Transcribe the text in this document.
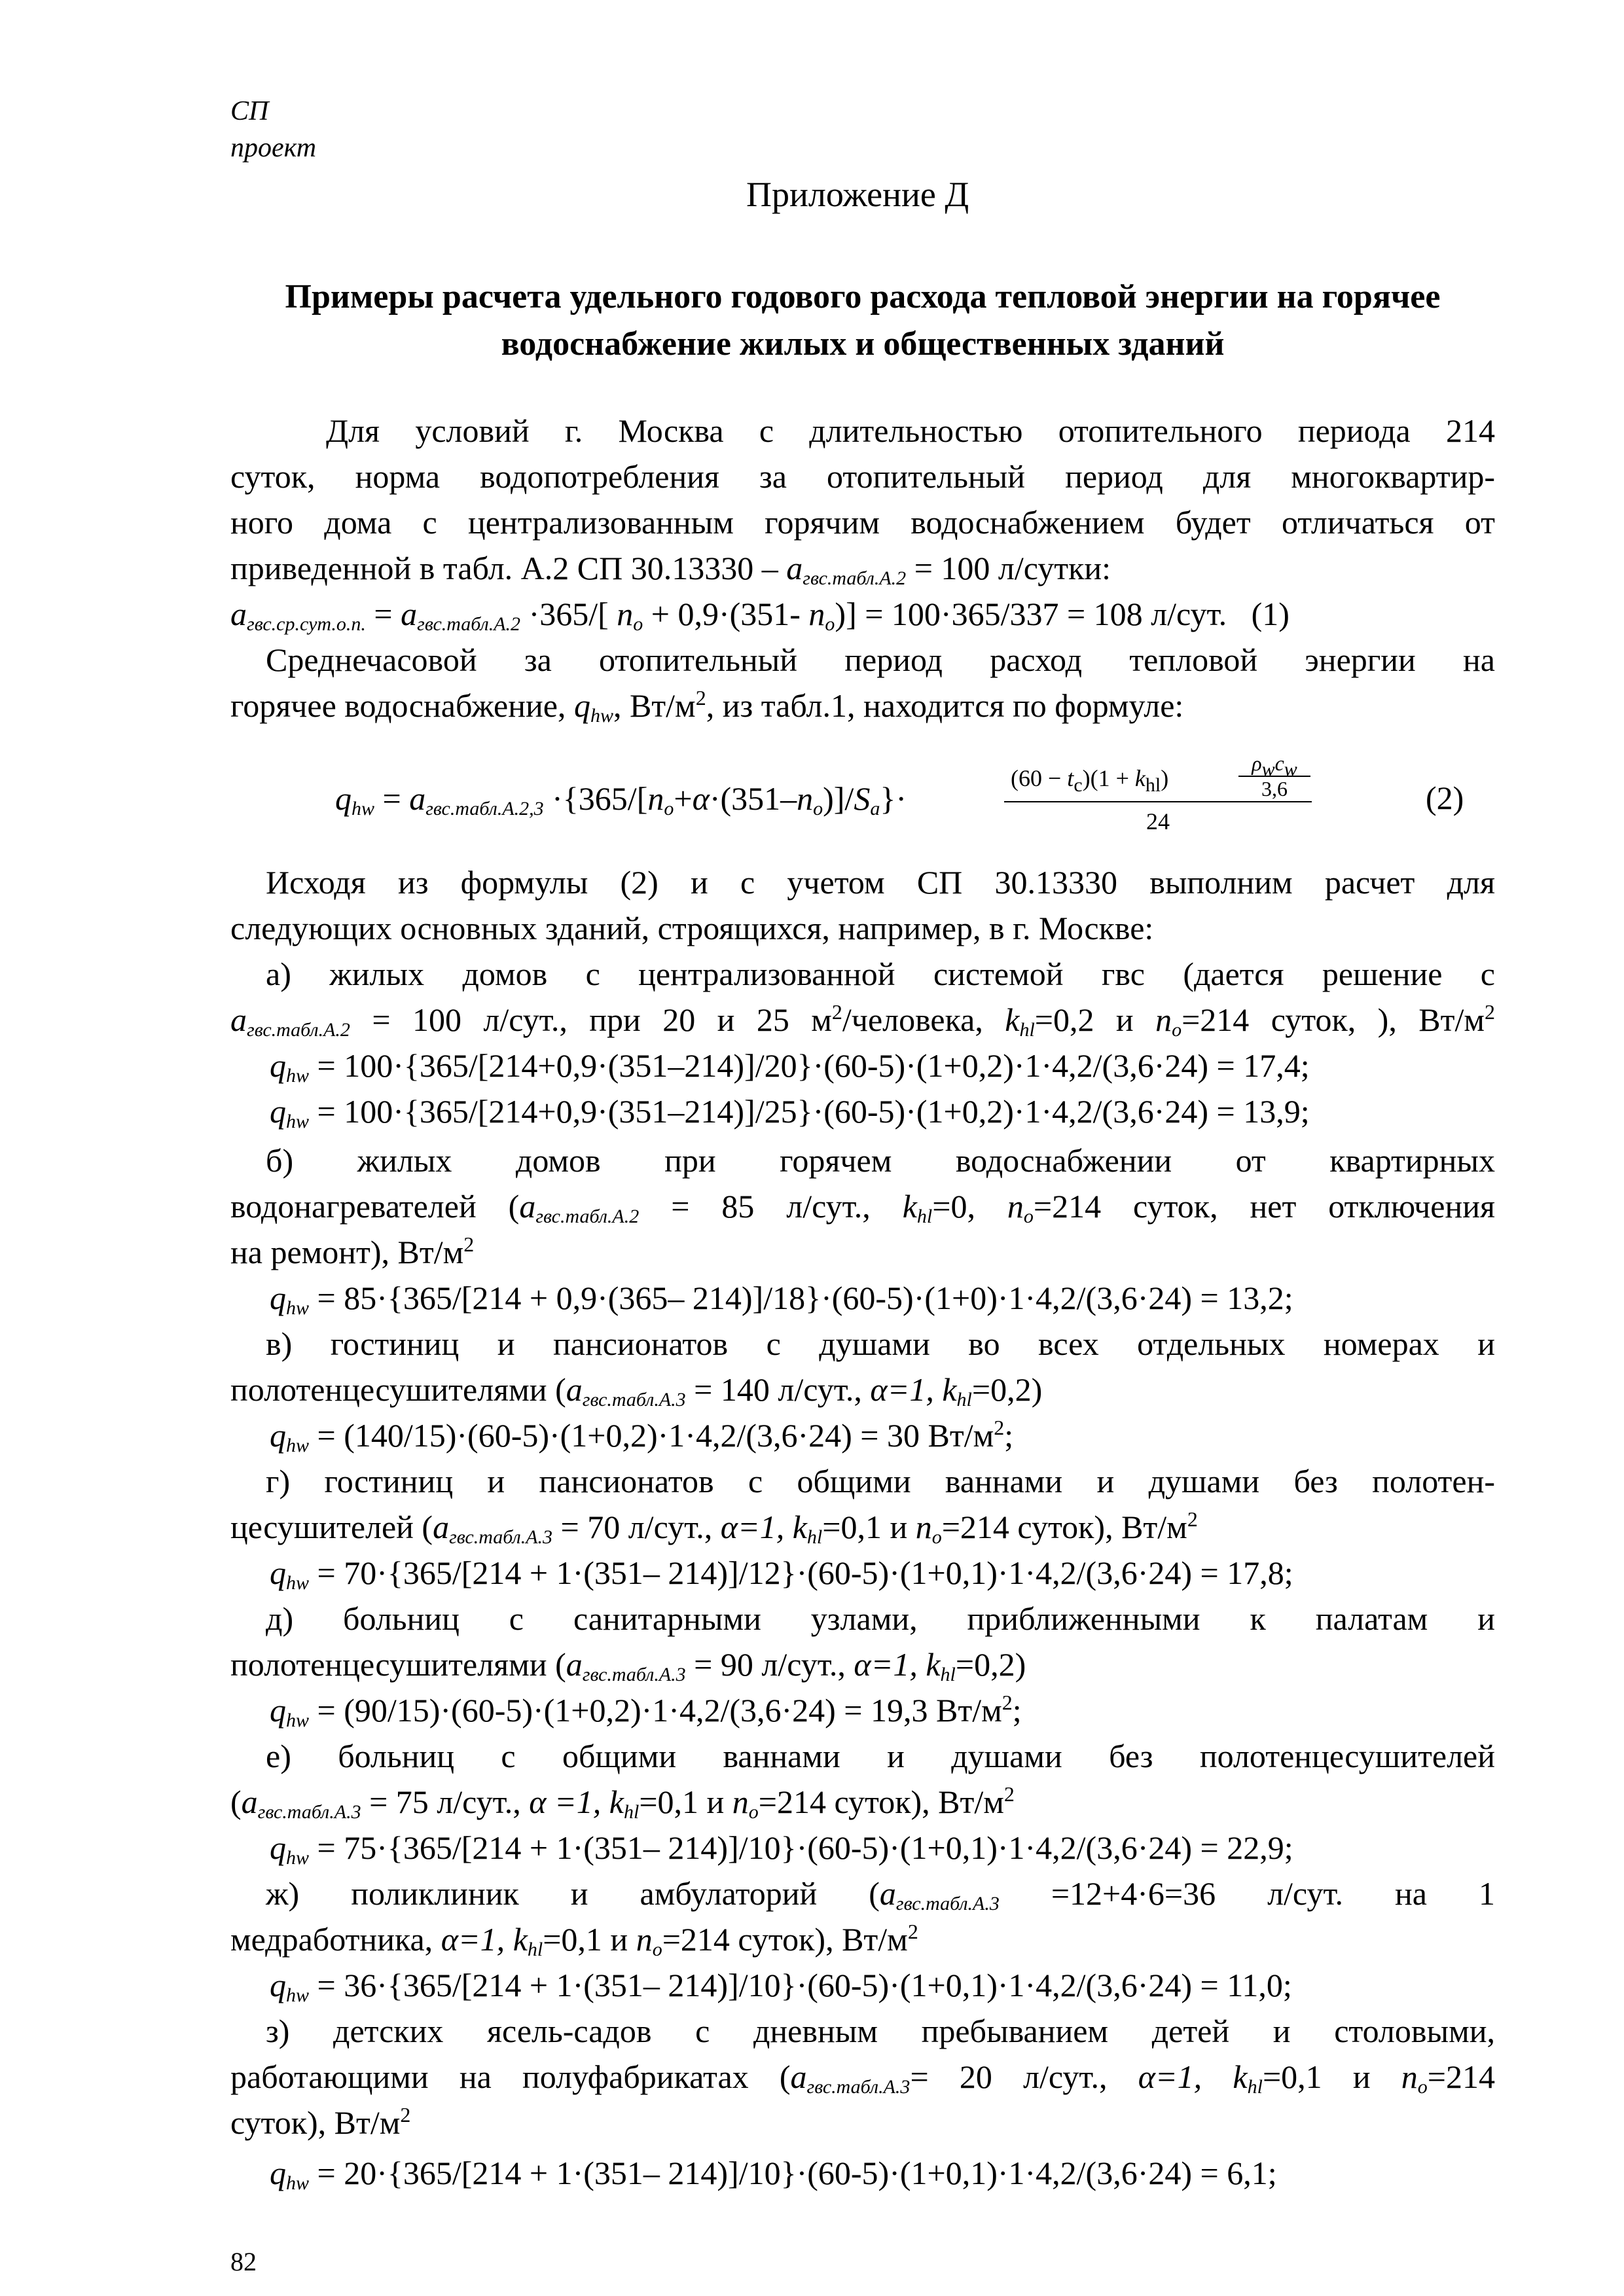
СП
проект
Приложение Д
Примеры расчета удельного годового расхода тепловой энергии на горячее водоснабжение жилых и общественных зданий
Для условий г. Москва с длительностью отопительного периода 214
суток, норма водопотребления за отопительный период для многоквартир-
ного дома с централизованным горячим водоснабжением будет отличаться от
приведенной в табл. А.2 СП $30.13330 - a_{гвс.табл.А.2} = 100$ л/сутки:
$a_{гвс.ср.сут.о.п.} = a_{гвс.табл.А.2} \cdot 365/$[ $n_o + 0,9\cdot(351-$ $n_o)] = 100\cdot 365/337 = 108$ л/сут. (1)
Среднечасовой за отопительный период расход тепловой энергии на
горячее водоснабжение, $q_{hw}$, $Вт/м^2$, из табл.1, находится по формуле:
$q_{hw} = a_{гвс.табл.А.2,3} \cdot\{365/[n_o+\alpha\cdot(351-n_o)]/S_a\}\cdot$
$(60 - t_c)(1 + k_{hl})$
$\rho_wc_w$
3,6
24
(2)
Исходя из формулы (2) и с учетом СП 30.13330 выполним расчет для
следующих основных зданий, строящихся, например, в г. Москве:
а) жилых домов с централизованной системой гвс (дается решение с
$a_{гвс.табл.А.2} = 100$ л/сут., при 20 и 25 $м^2$/человека, $k_{hl}=0,2$ и $n_o=214$ суток, ), $Вт/м^2$
$q_{hw} = 100\cdot\{365/[214+0,9\cdot(351-214)]/20\}\cdot(60-5)\cdot(1+0,2)\cdot 1\cdot 4,2/(3,6\cdot 24) = 17,4$;
$q_{hw} = 100\cdot\{365/[214+0,9\cdot(351-214)]/25\}\cdot(60-5)\cdot(1+0,2)\cdot 1\cdot 4,2/(3,6\cdot 24) = 13,9$;
б) жилых домов при горячем водоснабжении от квартирных
водонагревателей ($a_{гвс.табл.А.2} = 85$ л/сут., $k_{hl}=0$, $n_o=214$ суток, нет отключения
на ремонт), $Вт/м^2$
$q_{hw} = 85\cdot\{365/[214 + 0,9\cdot(365-$ 214)]/18}·(60-5)·(1+0)·1·4,2/(3,6·24) = 13,2;
в) гостиниц и пансионатов с душами во всех отдельных номерах и
полотенцесушителями ($a_{гвс.табл.А.3} = 140$ л/сут., α=1, $k_{hl}=0,2$)
$q_{hw} = (140/15)\cdot(60-5)\cdot(1+0,2)\cdot 1\cdot 4,2/(3,6\cdot 24) = 30$ $Вт/м^2$;
г) гостиниц и пансионатов с общими ваннами и душами без полотен-
цесушителей ($a_{гвс.табл.А.3} = 70$ л/сут., α=1, $k_{hl}=0,1$ и $n_o=214$ суток), $Вт/м^2$
$q_{hw} = 70\cdot\{365/[214 + 1\cdot(351-$ 214)]/12}·(60-5)·(1+0,1)·1·4,2/(3,6·24) = 17,8;
д) больниц с санитарными узлами, приближенными к палатам и
полотенцесушителями ($a_{гвс.табл.А.3} = 90$ л/сут., α=1, $k_{hl}=0,2$)
$q_{hw} = (90/15)\cdot(60-5)\cdot(1+0,2)\cdot 1\cdot 4,2/(3,6\cdot 24) = 19,3$ $Вт/м^2$;
е) больниц с общими ваннами и душами без полотенцесушителей
($a_{гвс.табл.А.3} = 75$ л/сут., α =1, $k_{hl}=0,1$ и $n_o=214$ суток), $Вт/м^2$
$q_{hw} = 75\cdot\{365/[214 + 1\cdot(351-$ 214)]/10}·(60-5)·(1+0,1)·1·4,2/(3,6·24) = 22,9;
ж) поликлиник и амбулаторий ($a_{гвс.табл.А.3} =12+4\cdot 6=36$ л/сут. на 1
медработника, α=1, $k_{hl}=0,1$ и $n_o=214$ суток), $Вт/м^2$
$q_{hw} = 36\cdot\{365/[214 + 1\cdot(351-$ 214)]/10}·(60-5)·(1+0,1)·1·4,2/(3,6·24) = 11,0;
з) детских ясель-садов с дневным пребыванием детей и столовыми,
работающими на полуфабрикатах ($a_{гвс.табл.А.3}= 20$ л/сут., α=1, $k_{hl}=0,1$ и $n_o=214$
суток), $Вт/м^2$
$q_{hw} = 20\cdot\{365/[214 + 1\cdot(351-$ 214)]/10}·(60-5)·(1+0,1)·1·4,2/(3,6·24) = 6,1;
82
